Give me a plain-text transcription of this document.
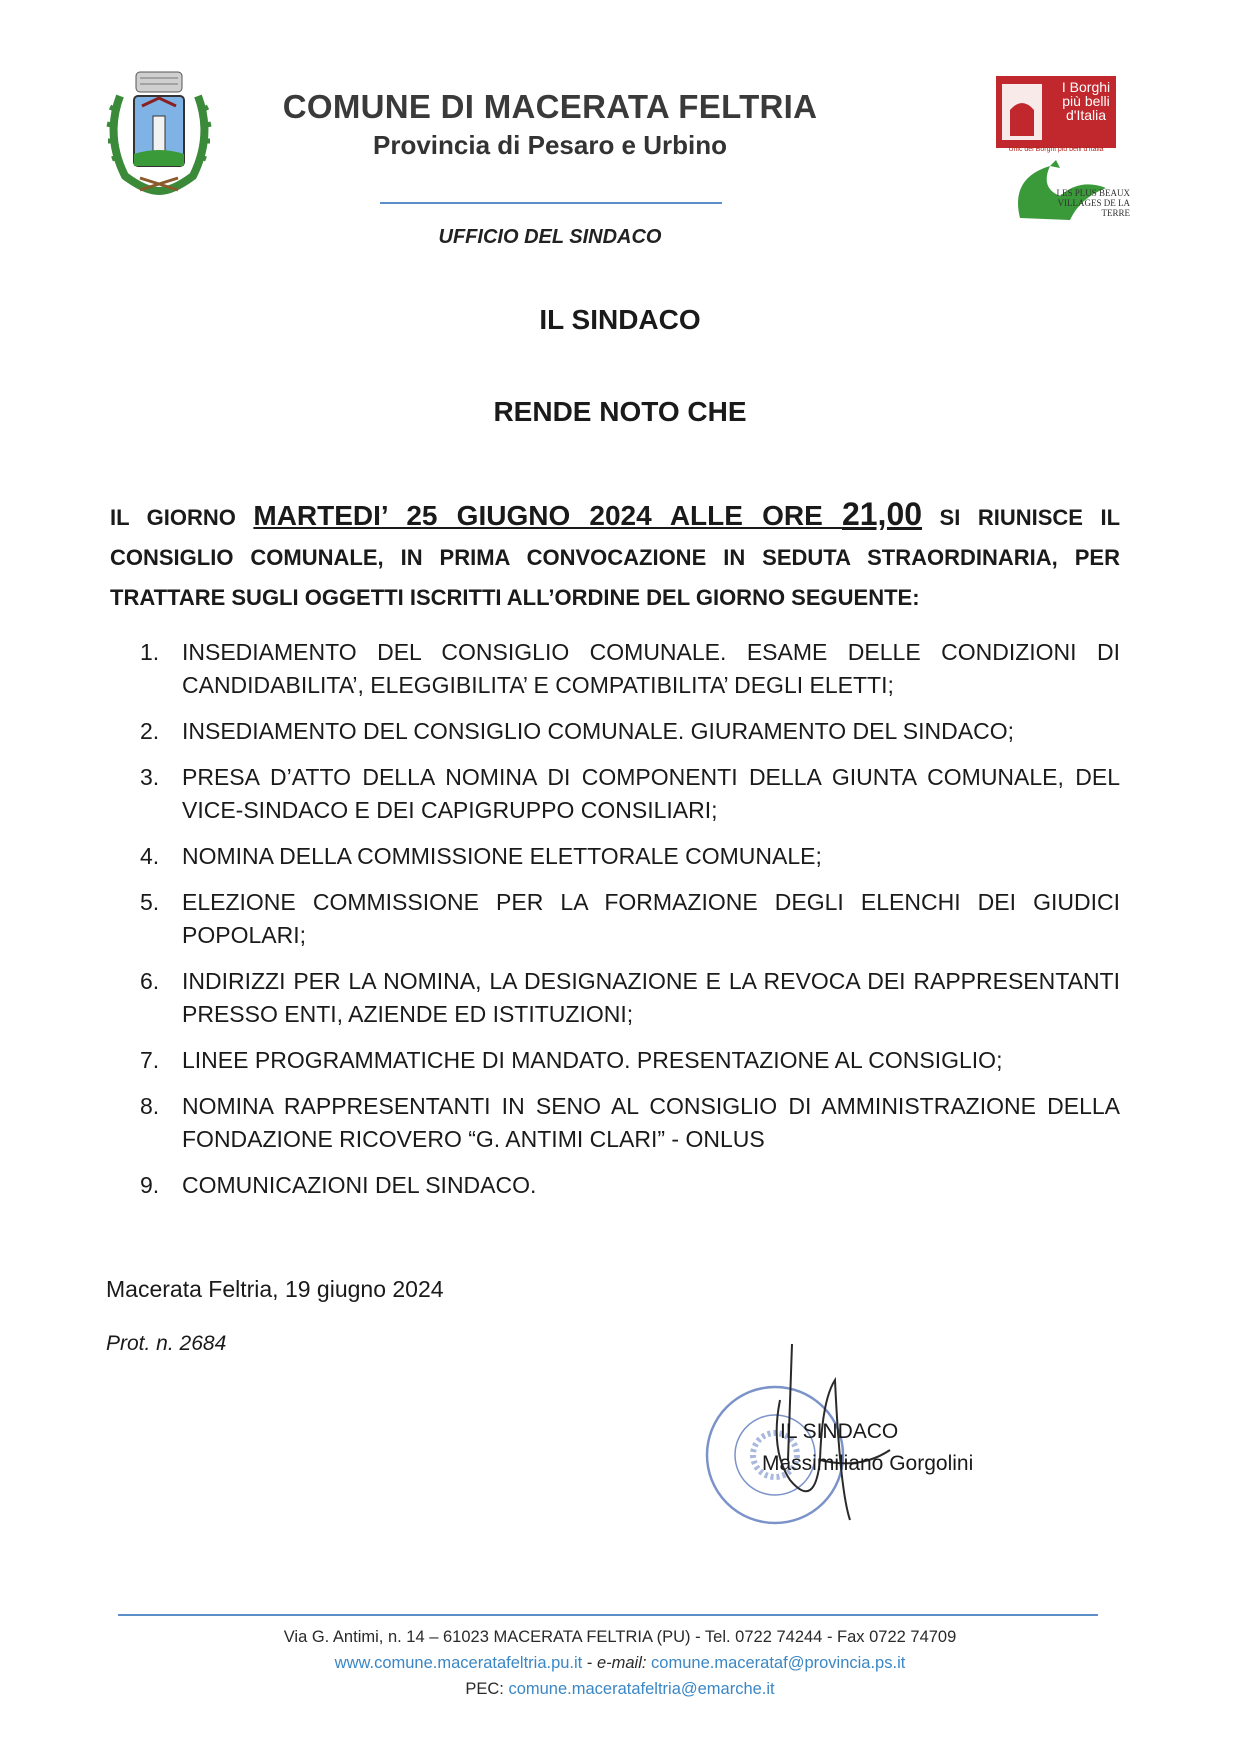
COMUNE DI MACERATA FELTRIA
Provincia di Pesaro e Urbino
UFFICIO DEL SINDACO
I Borghi più belli d'Italia
Unic dei Borghi più belli d'Italia
LES PLUS BEAUX VILLAGES DE LA TERRE
IL SINDACO
RENDE NOTO CHE
IL GIORNO MARTEDI’ 25 GIUGNO 2024 ALLE ORE 21,00 SI RIUNISCE IL CONSIGLIO COMUNALE, IN PRIMA CONVOCAZIONE IN SEDUTA STRAORDINARIA, PER TRATTARE SUGLI OGGETTI ISCRITTI ALL’ORDINE DEL GIORNO SEGUENTE:
1. INSEDIAMENTO DEL CONSIGLIO COMUNALE. ESAME DELLE CONDIZIONI DI CANDIDABILITA’, ELEGGIBILITA’ E COMPATIBILITA’ DEGLI ELETTI;
2. INSEDIAMENTO DEL CONSIGLIO COMUNALE. GIURAMENTO DEL SINDACO;
3. PRESA D’ATTO DELLA NOMINA DI COMPONENTI DELLA GIUNTA COMUNALE, DEL VICE-SINDACO E DEI CAPIGRUPPO CONSILIARI;
4. NOMINA DELLA COMMISSIONE ELETTORALE COMUNALE;
5. ELEZIONE COMMISSIONE PER LA FORMAZIONE DEGLI ELENCHI DEI GIUDICI POPOLARI;
6. INDIRIZZI PER LA NOMINA, LA DESIGNAZIONE E LA REVOCA DEI RAPPRESENTANTI PRESSO ENTI, AZIENDE ED ISTITUZIONI;
7. LINEE PROGRAMMATICHE DI MANDATO. PRESENTAZIONE AL CONSIGLIO;
8. NOMINA RAPPRESENTANTI IN SENO AL CONSIGLIO DI AMMINISTRAZIONE DELLA FONDAZIONE RICOVERO “G. ANTIMI CLARI” - ONLUS
9. COMUNICAZIONI DEL SINDACO.
Macerata Feltria, 19 giugno 2024
Prot. n. 2684
IL SINDACO
Massimiliano Gorgolini
Via G. Antimi, n. 14 – 61023 MACERATA FELTRIA (PU) - Tel. 0722 74244 - Fax 0722 74709
www.comune.maceratafeltria.pu.it - e-mail: comune.macerataf@provincia.ps.it
PEC: comune.maceratafeltria@emarche.it
